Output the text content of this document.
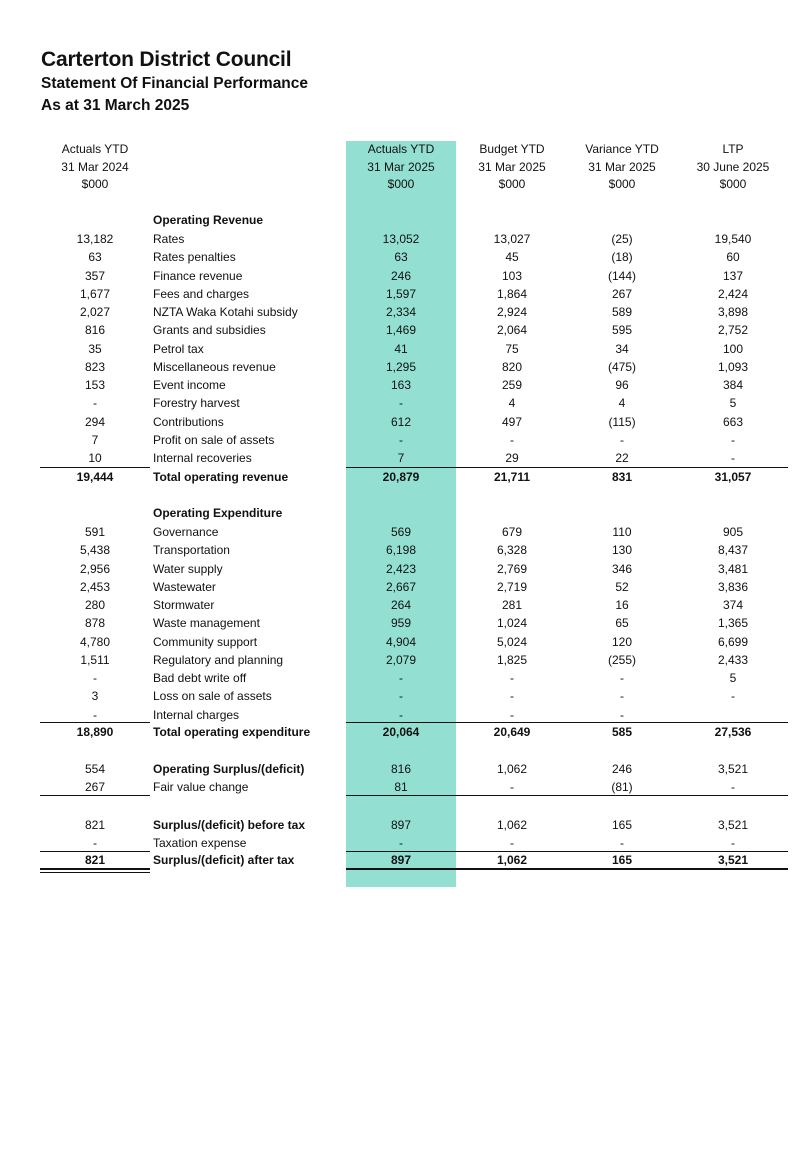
Carterton District Council
Statement Of Financial Performance
As at 31 March 2025
Actuals YTD
31 Mar 2024
$000
Actuals YTD
31 Mar 2025
$000
Budget YTD
31 Mar 2025
$000
Variance YTD
31 Mar 2025
$000
LTP
30 June 2025
$000
Operating Revenue
13,182	Rates	13,052	13,027	(25)	19,540
63	Rates penalties	63	45	(18)	60
357	Finance revenue	246	103	(144)	137
1,677	Fees and charges	1,597	1,864	267	2,424
2,027	NZTA Waka Kotahi subsidy	2,334	2,924	589	3,898
816	Grants and subsidies	1,469	2,064	595	2,752
35	Petrol tax	41	75	34	100
823	Miscellaneous revenue	1,295	820	(475)	1,093
153	Event income	163	259	96	384
-	Forestry harvest	-	4	4	5
294	Contributions	612	497	(115)	663
7	Profit on sale of assets	-	-	-	-
10	Internal recoveries	7	29	22	-
19,444	Total operating revenue	20,879	21,711	831	31,057
Operating Expenditure
591	Governance	569	679	110	905
5,438	Transportation	6,198	6,328	130	8,437
2,956	Water supply	2,423	2,769	346	3,481
2,453	Wastewater	2,667	2,719	52	3,836
280	Stormwater	264	281	16	374
878	Waste management	959	1,024	65	1,365
4,780	Community support	4,904	5,024	120	6,699
1,511	Regulatory and planning	2,079	1,825	(255)	2,433
-	Bad debt write off	-	-	-	5
3	Loss on sale of assets	-	-	-	-
-	Internal charges	-	-	-
18,890	Total operating expenditure	20,064	20,649	585	27,536
554	Operating Surplus/(deficit)	816	1,062	246	3,521
267	Fair value change	81	-	(81)	-
821	Surplus/(deficit) before tax	897	1,062	165	3,521
-	Taxation expense	-	-	-	-
821	Surplus/(deficit) after tax	897	1,062	165	3,521
